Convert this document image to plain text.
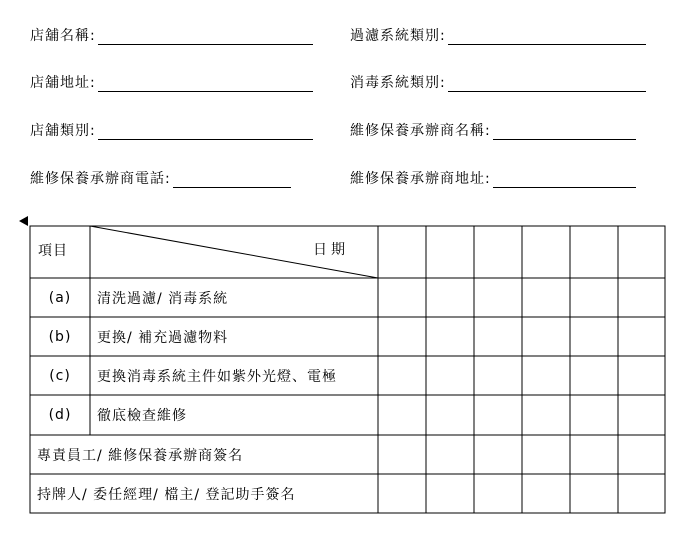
店舖名稱:	過濾系統類別:
店舖地址:	消毒系統類別:
店舖類別:	維修保養承辦商名稱:
維修保養承辦商電話:	維修保養承辦商地址:
項目	日期
(a)	清洗過濾/ 消毒系統
(b)	更換/ 補充過濾物料
(c)	更換消毒系統主件如紫外光燈、電極
(d)	徹底檢查維修
專責員工/ 維修保養承辦商簽名
持牌人/ 委任經理/ 檔主/ 登記助手簽名
